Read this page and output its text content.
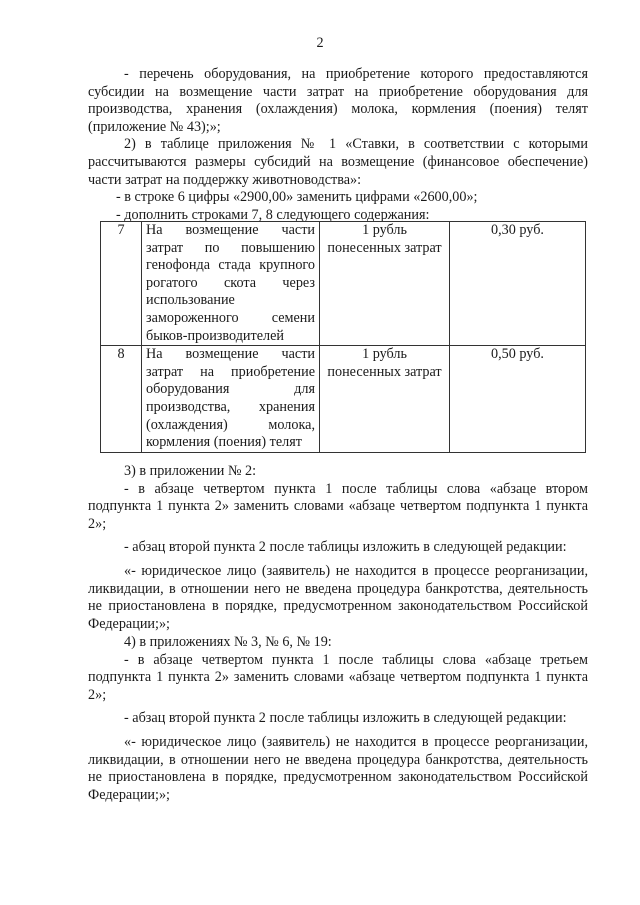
2

- перечень оборудования, на приобретение которого предоставляются субсидии на возмещение части затрат на приобретение оборудования для производства, хранения (охлаждения) молока, кормления (поения) телят (приложение № 43);»;

2) в таблице приложения № 1 «Ставки, в соответствии с которыми рассчитываются размеры субсидий на возмещение (финансовое обеспечение) части затрат на поддержку животноводства»:

- в строке 6 цифры «2900,00» заменить цифрами «2600,00»;

- дополнить строками 7, 8 следующего содержания:

7	На возмещение части затрат по повышению генофонда стада крупного рогатого скота через использование замороженного семени быков-производителей	1 рубль понесенных затрат	0,30 руб.
8	На возмещение части затрат на приобретение оборудования для производства, хранения (охлаждения) молока, кормления (поения) телят	1 рубль понесенных затрат	0,50 руб.

3) в приложении № 2:

- в абзаце четвертом пункта 1 после таблицы слова «абзаце втором подпункта 1 пункта 2» заменить словами «абзаце четвертом подпункта 1 пункта 2»;

- абзац второй пункта 2 после таблицы изложить в следующей редакции:

«- юридическое лицо (заявитель) не находится в процессе реорганизации, ликвидации, в отношении него не введена процедура банкротства, деятельность не приостановлена в порядке, предусмотренном законодательством Российской Федерации;»;

4) в приложениях № 3, № 6, № 19:

- в абзаце четвертом пункта 1 после таблицы слова «абзаце третьем подпункта 1 пункта 2» заменить словами «абзаце четвертом подпункта 1 пункта 2»;

- абзац второй пункта 2 после таблицы изложить в следующей редакции:

«- юридическое лицо (заявитель) не находится в процессе реорганизации, ликвидации, в отношении него не введена процедура банкротства, деятельность не приостановлена в порядке, предусмотренном законодательством Российской Федерации;»;
